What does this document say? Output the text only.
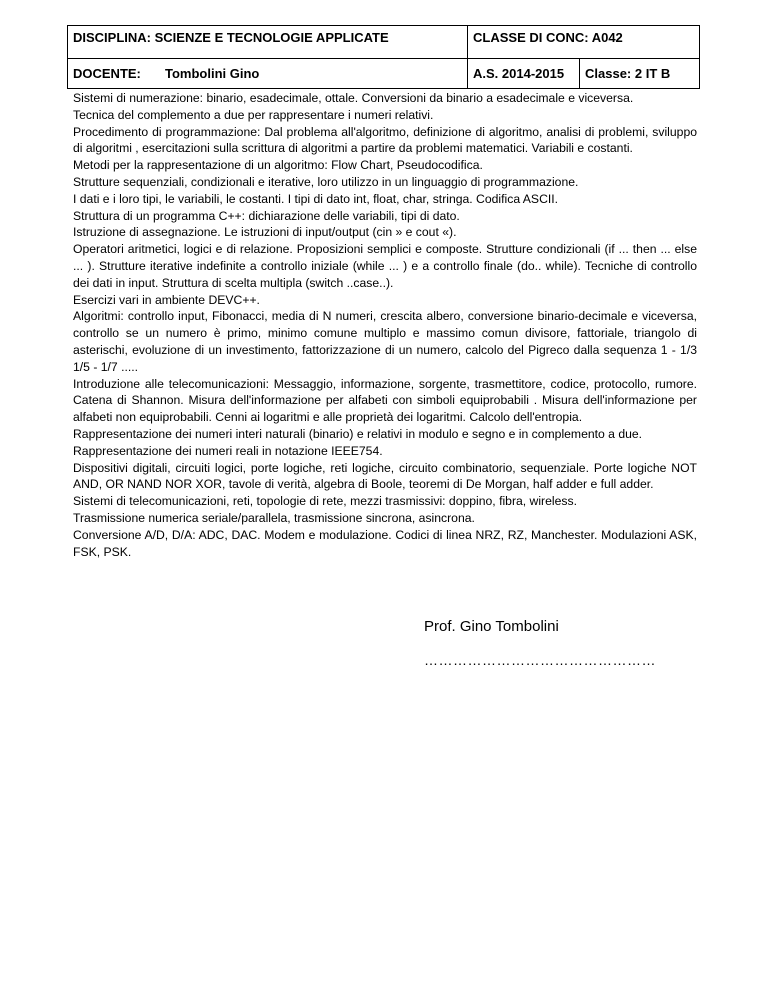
DISCIPLINA: SCIENZE E TECNOLOGIE APPLICATE	CLASSE DI CONC: A042	
DOCENTE: Tombolini Gino	A.S. 2014-2015	Classe: 2 IT B

Sistemi di numerazione: binario, esadecimale, ottale. Conversioni da binario a esadecimale e viceversa.

Tecnica del complemento a due per rappresentare i numeri relativi.

Procedimento di programmazione: Dal problema all'algoritmo, definizione di algoritmo, analisi di problemi, sviluppo di algoritmi , esercitazioni sulla scrittura di algoritmi a partire da problemi matematici. Variabili e costanti.

Metodi per la rappresentazione di un algoritmo: Flow Chart, Pseudocodifica.

Strutture sequenziali, condizionali e iterative, loro utilizzo in un linguaggio di programmazione.

I dati e i loro tipi, le variabili, le costanti. I tipi di dato int, float, char, stringa. Codifica ASCII.

Struttura di un programma C++: dichiarazione delle variabili, tipi di dato.

Istruzione di assegnazione. Le istruzioni di input/output (cin » e cout «).

Operatori aritmetici, logici e di relazione. Proposizioni semplici e composte. Strutture condizionali (if ... then ... else ... ). Strutture iterative indefinite a controllo iniziale (while ... ) e a controllo finale (do.. while). Tecniche di controllo dei dati in input. Struttura di scelta multipla (switch ..case..).

Esercizi vari in ambiente DEVC++.

Algoritmi: controllo input, Fibonacci, media di N numeri, crescita albero, conversione binario-decimale e viceversa, controllo se un numero è primo, minimo comune multiplo e massimo comun divisore, fattoriale, triangolo di asterischi, evoluzione di un investimento, fattorizzazione di un numero, calcolo del Pigreco dalla sequenza 1 - 1/3 1/5 - 1/7 .....

Introduzione alle telecomunicazioni: Messaggio, informazione, sorgente, trasmettitore, codice, protocollo, rumore. Catena di Shannon. Misura dell'informazione per alfabeti con simboli equiprobabili . Misura dell'informazione per alfabeti non equiprobabili. Cenni ai logaritmi e alle proprietà dei logaritmi. Calcolo dell'entropia.

Rappresentazione dei numeri interi naturali (binario) e relativi in modulo e segno e in complemento a due.

Rappresentazione dei numeri reali in notazione IEEE754.

Dispositivi digitali, circuiti logici, porte logiche, reti logiche, circuito combinatorio, sequenziale. Porte logiche NOT AND, OR NAND NOR XOR, tavole di verità, algebra di Boole, teoremi di De Morgan, half adder e full adder.

Sistemi di telecomunicazioni, reti, topologie di rete, mezzi trasmissivi: doppino, fibra, wireless.

Trasmissione numerica seriale/parallela, trasmissione sincrona, asincrona.

Conversione A/D, D/A: ADC, DAC. Modem e modulazione. Codici di linea NRZ, RZ, Manchester. Modulazioni ASK, FSK, PSK.

Prof. Gino Tombolini
…………………………………………
